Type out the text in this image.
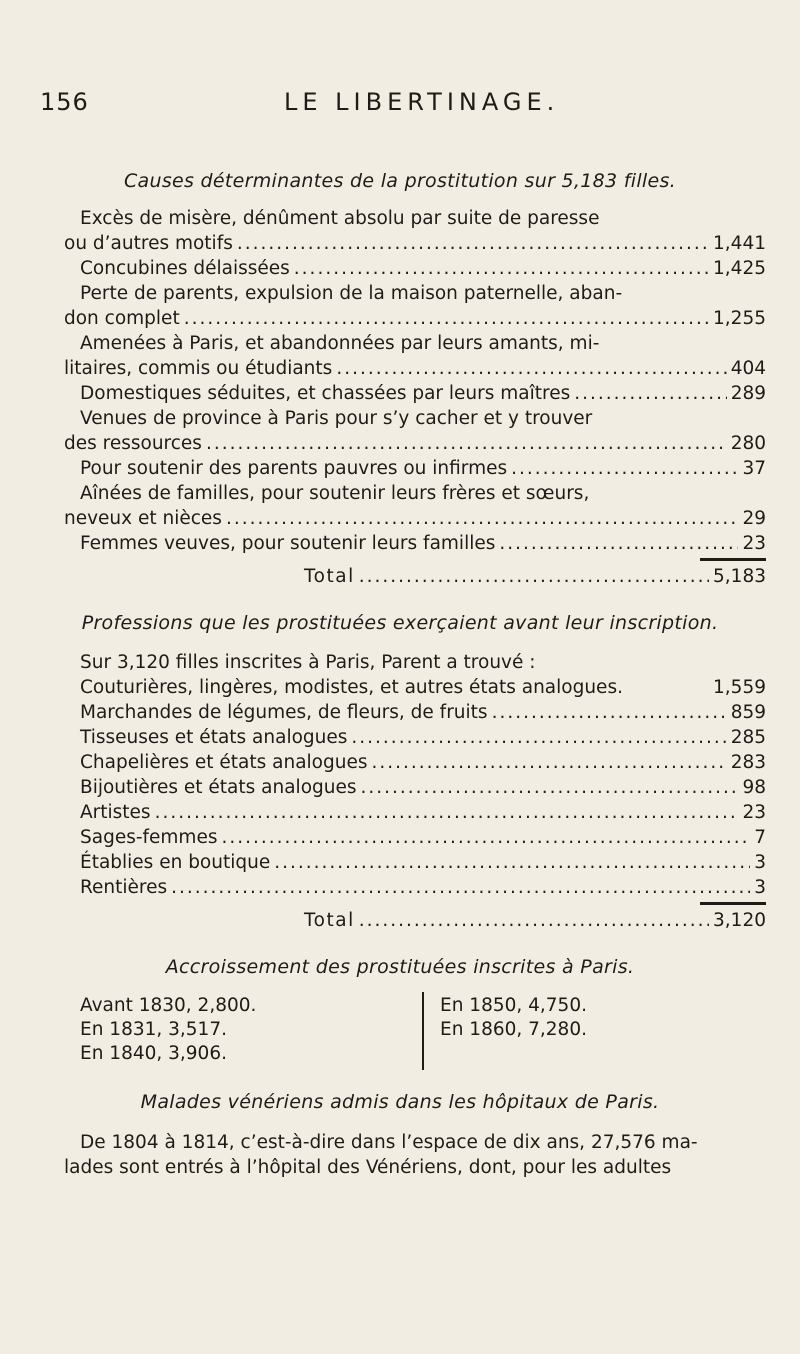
156	LE LIBERTINAGE.
Causes déterminantes de la prostitution sur 5,183 filles.
Excès de misère, dénûment absolu par suite de paresse
ou d’autres motifs .....	1,441
Concubines délaissées .....	1,425
Perte de parents, expulsion de la maison paternelle, aban-
don complet .....	1,255
Amenées à Paris, et abandonnées par leurs amants, mi-
litaires, commis ou étudiants .....	404
Domestiques séduites, et chassées par leurs maîtres .....	289
Venues de province à Paris pour s’y cacher et y trouver
des ressources .....	280
Pour soutenir des parents pauvres ou infirmes .....	37
Aînées de familles, pour soutenir leurs frères et sœurs,
neveux et nièces .....	29
Femmes veuves, pour soutenir leurs familles .....	23
Total .....	5,183
Professions que les prostituées exerçaient avant leur inscription.
Sur 3,120 filles inscrites à Paris, Parent a trouvé :
Couturières, lingères, modistes, et autres états analogues.	1,559
Marchandes de légumes, de fleurs, de fruits .....	859
Tisseuses et états analogues .....	285
Chapelières et états analogues .....	283
Bijoutières et états analogues .....	98
Artistes .....	23
Sages-femmes .....	7
Établies en boutique .....	3
Rentières .....	3
Total .....	3,120
Accroissement des prostituées inscrites à Paris.
Avant 1830, 2,800.
En 1831, 3,517.
En 1840, 3,906.
En 1850, 4,750.
En 1860, 7,280.
Malades vénériens admis dans les hôpitaux de Paris.
De 1804 à 1814, c’est-à-dire dans l’espace de dix ans, 27,576 ma-
lades sont entrés à l’hôpital des Vénériens, dont, pour les adultes
